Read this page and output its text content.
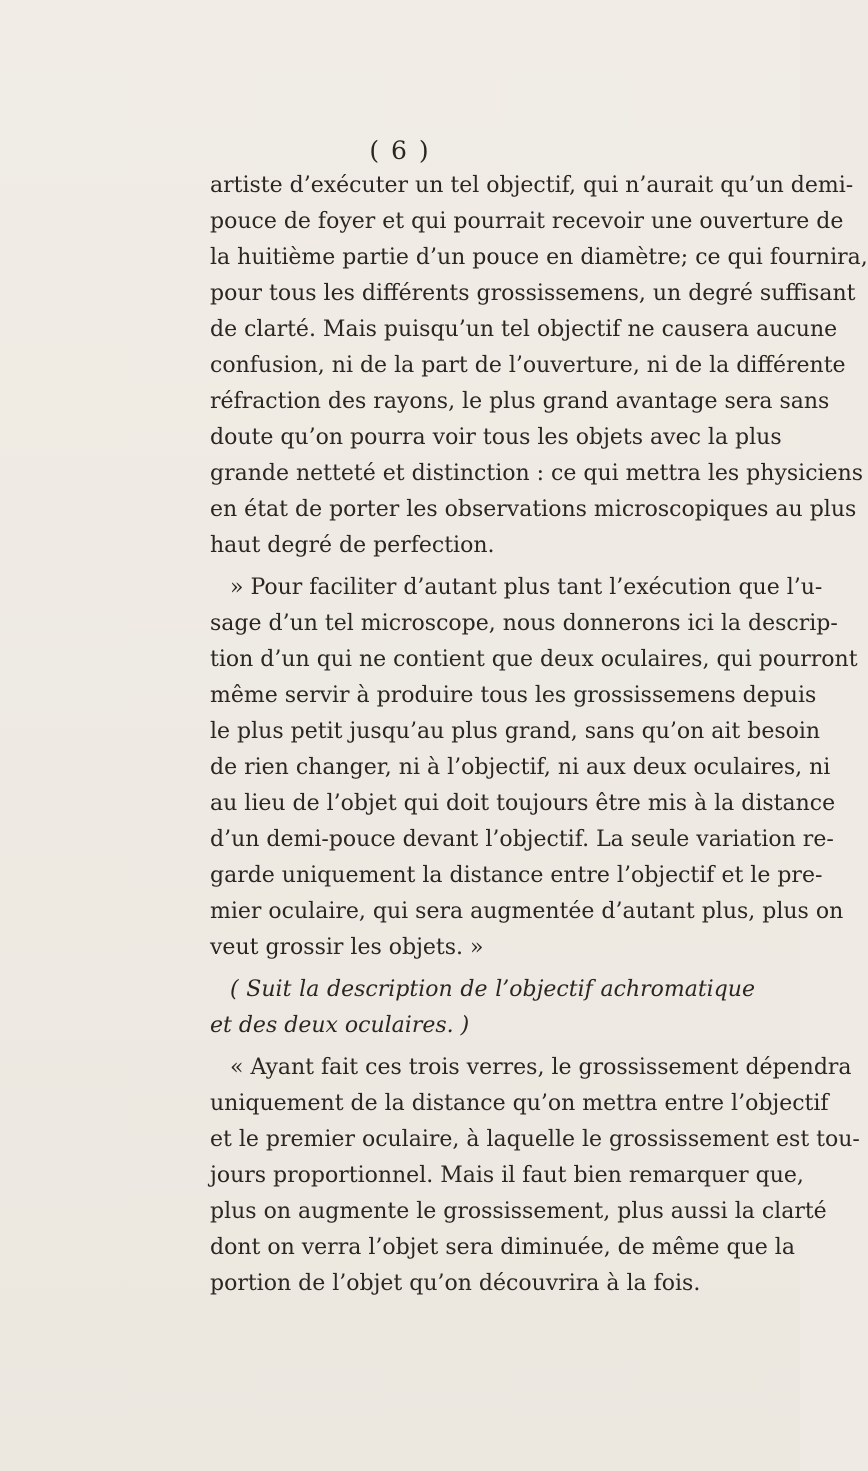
( 6 )
artiste d’exécuter un tel objectif, qui n’aurait qu’un demi-
pouce de foyer et qui pourrait recevoir une ouverture de
la huitième partie d’un pouce en diamètre; ce qui fournira,
pour tous les différents grossissemens, un degré suffisant
de clarté. Mais puisqu’un tel objectif ne causera aucune
confusion, ni de la part de l’ouverture, ni de la différente
réfraction des rayons, le plus grand avantage sera sans
doute qu’on pourra voir tous les objets avec la plus
grande netteté et distinction : ce qui mettra les physiciens
en état de porter les observations microscopiques au plus
haut degré de perfection.
» Pour faciliter d’autant plus tant l’exécution que l’u-
sage d’un tel microscope, nous donnerons ici la descrip-
tion d’un qui ne contient que deux oculaires, qui pourront
même servir à produire tous les grossissemens depuis
le plus petit jusqu’au plus grand, sans qu’on ait besoin
de rien changer, ni à l’objectif, ni aux deux oculaires, ni
au lieu de l’objet qui doit toujours être mis à la distance
d’un demi-pouce devant l’objectif. La seule variation re-
garde uniquement la distance entre l’objectif et le pre-
mier oculaire, qui sera augmentée d’autant plus, plus on
veut grossir les objets. »
( Suit la description de l’objectif achromatique
et des deux oculaires. )
« Ayant fait ces trois verres, le grossissement dépendra
uniquement de la distance qu’on mettra entre l’objectif
et le premier oculaire, à laquelle le grossissement est tou-
jours proportionnel. Mais il faut bien remarquer que,
plus on augmente le grossissement, plus aussi la clarté
dont on verra l’objet sera diminuée, de même que la
portion de l’objet qu’on découvrira à la fois.
